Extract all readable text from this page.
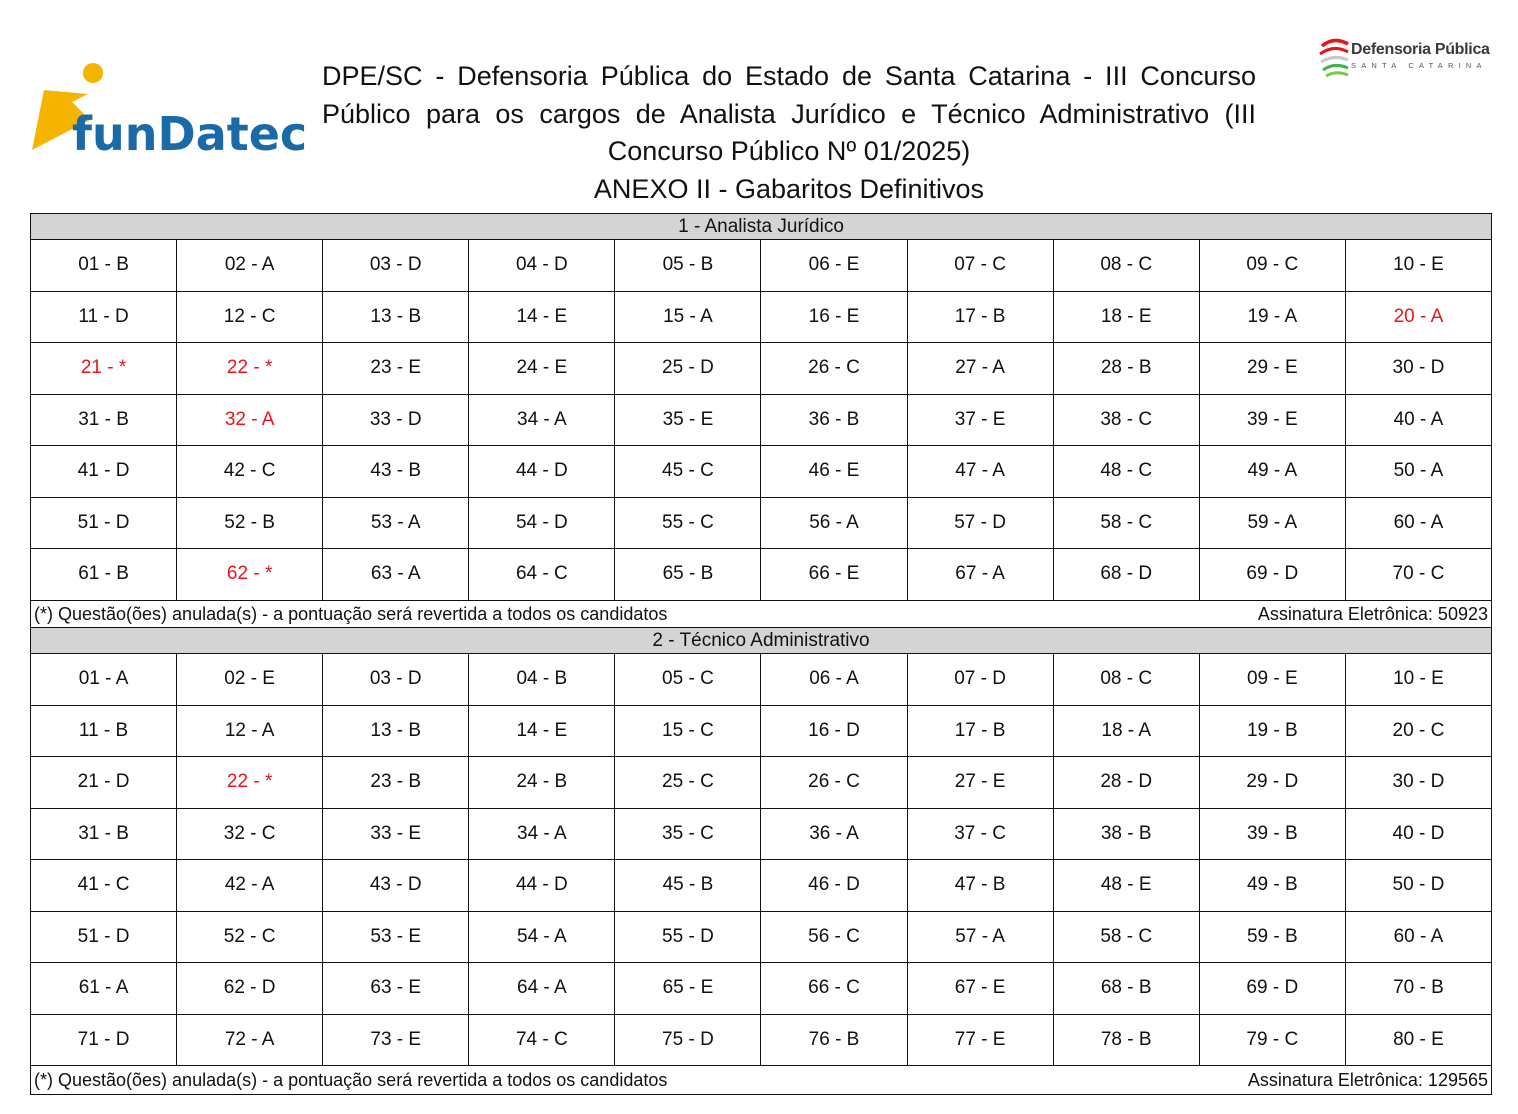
funDatec
Defensoria Pública
SANTA CATARINA
DPE/SC - Defensoria Pública do Estado de Santa Catarina - III Concurso
Público para os cargos de Analista Jurídico e Técnico Administrativo (III
Concurso Público Nº 01/2025)
ANEXO II - Gabaritos Definitivos
1 - Analista Jurídico									
01 - B	02 - A	03 - D	04 - D	05 - B	06 - E	07 - C	08 - C	09 - C	10 - E
11 - D	12 - C	13 - B	14 - E	15 - A	16 - E	17 - B	18 - E	19 - A	20 - A
21 - *	22 - *	23 - E	24 - E	25 - D	26 - C	27 - A	28 - B	29 - E	30 - D
31 - B	32 - A	33 - D	34 - A	35 - E	36 - B	37 - E	38 - C	39 - E	40 - A
41 - D	42 - C	43 - B	44 - D	45 - C	46 - E	47 - A	48 - C	49 - A	50 - A
51 - D	52 - B	53 - A	54 - D	55 - C	56 - A	57 - D	58 - C	59 - A	60 - A
61 - B	62 - *	63 - A	64 - C	65 - B	66 - E	67 - A	68 - D	69 - D	70 - C

(*) Questão(ões) anulada(s) - a pontuação será revertida a todos os candidatos Assinatura Eletrônica: 50923									
2 - Técnico Administrativo									
01 - A	02 - E	03 - D	04 - B	05 - C	06 - A	07 - D	08 - C	09 - E	10 - E
11 - B	12 - A	13 - B	14 - E	15 - C	16 - D	17 - B	18 - A	19 - B	20 - C
21 - D	22 - *	23 - B	24 - B	25 - C	26 - C	27 - E	28 - D	29 - D	30 - D
31 - B	32 - C	33 - E	34 - A	35 - C	36 - A	37 - C	38 - B	39 - B	40 - D
41 - C	42 - A	43 - D	44 - D	45 - B	46 - D	47 - B	48 - E	49 - B	50 - D
51 - D	52 - C	53 - E	54 - A	55 - D	56 - C	57 - A	58 - C	59 - B	60 - A
61 - A	62 - D	63 - E	64 - A	65 - E	66 - C	67 - E	68 - B	69 - D	70 - B
71 - D	72 - A	73 - E	74 - C	75 - D	76 - B	77 - E	78 - B	79 - C	80 - E

(*) Questão(ões) anulada(s) - a pontuação será revertida a todos os candidatos Assinatura Eletrônica: 129565									
